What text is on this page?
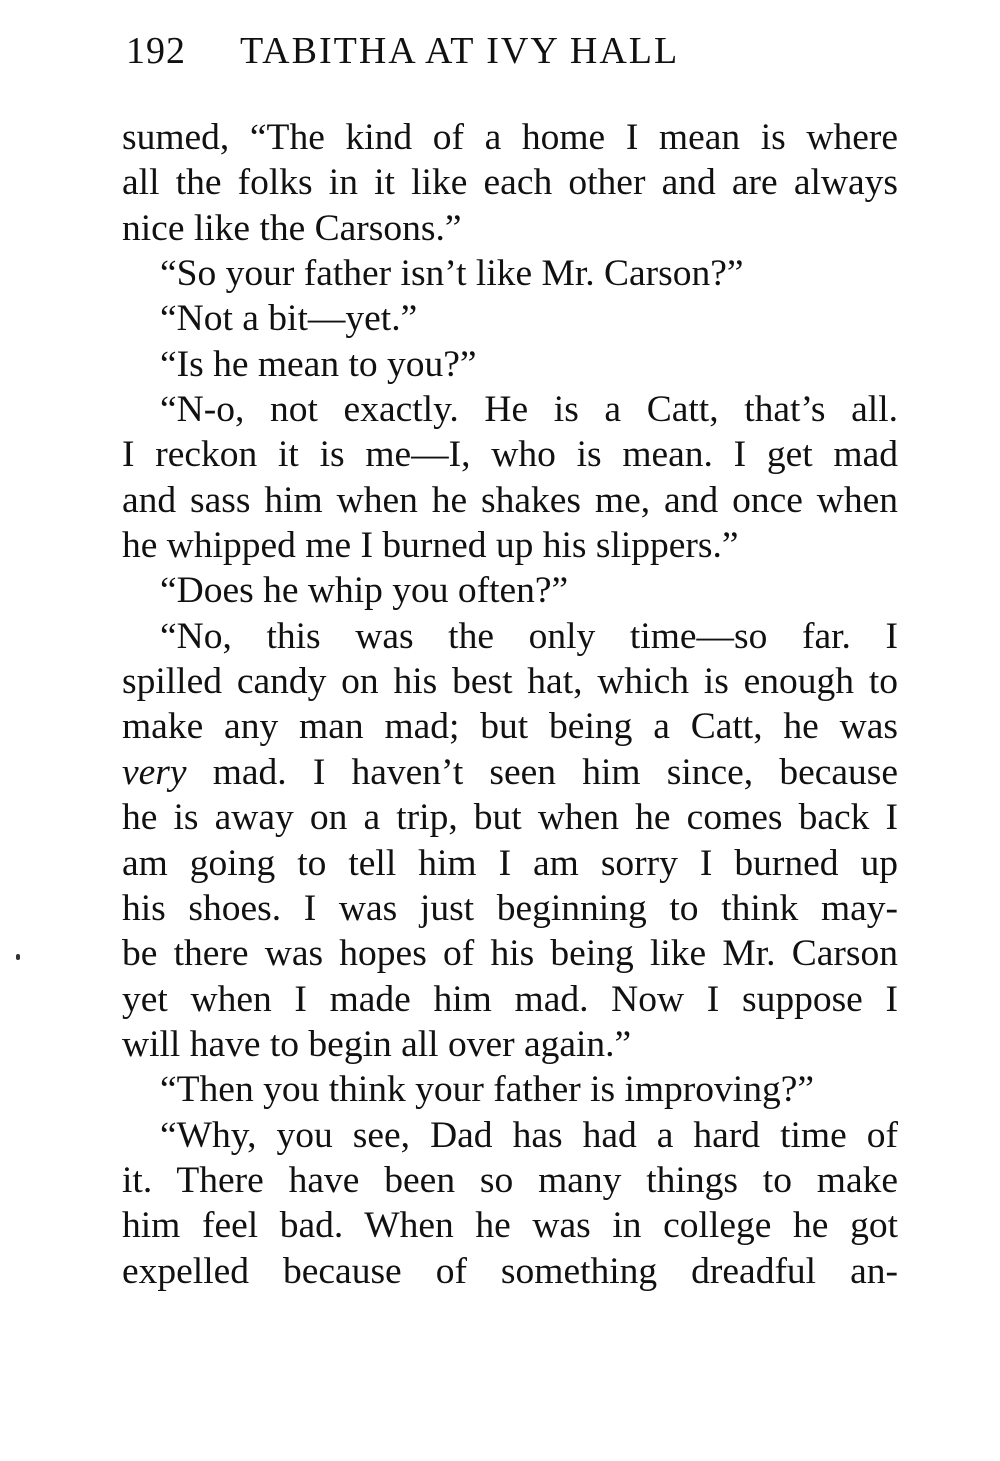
192 TABITHA AT IVY HALL
sumed, “The kind of a home I mean is where
all the folks in it like each other and are always
nice like the Carsons.”
“So your father isn’t like Mr. Carson?”
“Not a bit—yet.”
“Is he mean to you?”
“N-o, not exactly. He is a Catt, that’s all.
I reckon it is me—I, who is mean. I get mad
and sass him when he shakes me, and once when
he whipped me I burned up his slippers.”
“Does he whip you often?”
“No, this was the only time—so far. I
spilled candy on his best hat, which is enough to
make any man mad; but being a Catt, he was
very mad. I haven’t seen him since, because
he is away on a trip, but when he comes back I
am going to tell him I am sorry I burned up
his shoes. I was just beginning to think may-
be there was hopes of his being like Mr. Carson
yet when I made him mad. Now I suppose I
will have to begin all over again.”
“Then you think your father is improving?”
“Why, you see, Dad has had a hard time of
it. There have been so many things to make
him feel bad. When he was in college he got
expelled because of something dreadful an-
